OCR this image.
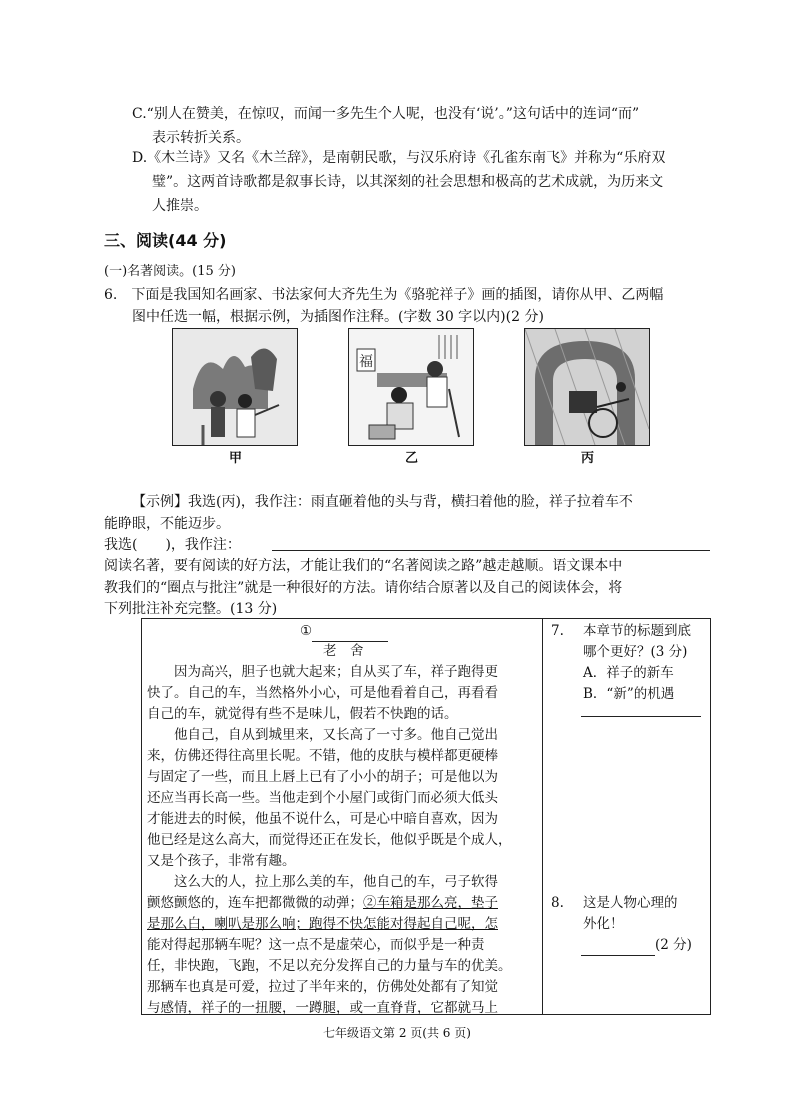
C.“别人在赞美，在惊叹，而闻一多先生个人呢，也没有‘说’。”这句话中的连词“而”
表示转折关系。
D.《木兰诗》又名《木兰辞》，是南朝民歌，与汉乐府诗《孔雀东南飞》并称为“乐府双
璧”。这两首诗歌都是叙事长诗，以其深刻的社会思想和极高的艺术成就，为历来文
人推崇。
三、阅读(44 分)
(一)名著阅读。(15 分)
6.　下面是我国知名画家、书法家何大齐先生为《骆驼祥子》画的插图，请你从甲、乙两幅
图中任选一幅，根据示例，为插图作注释。(字数 30 字以内)(2 分)
甲
福
乙	丙
【示例】我选(丙)，我作注：雨直砸着他的头与背，横扫着他的脸，祥子拉着车不
能睁眼，不能迈步。
我选(　　)，我作注：
阅读名著，要有阅读的好方法，才能让我们的“名著阅读之路”越走越顺。语文课本中
教我们的“圈点与批注”就是一种很好的方法。请你结合原著以及自己的阅读体会，将
下列批注补充完整。(13 分)
①
老　舍
　　因为高兴，胆子也就大起来；自从买了车，祥子跑得更
快了。自己的车，当然格外小心，可是他看着自己，再看看
自己的车，就觉得有些不是味儿，假若不快跑的话。
　　他自己，自从到城里来，又长高了一寸多。他自己觉出
来，仿佛还得往高里长呢。不错，他的皮肤与模样都更硬棒
与固定了一些，而且上唇上已有了小小的胡子；可是他以为
还应当再长高一些。当他走到个小屋门或街门而必须大低头
才能进去的时候，他虽不说什么，可是心中暗自喜欢，因为
他已经是这么高大，而觉得还正在发长，他似乎既是个成人，
又是个孩子，非常有趣。
　　这么大的人，拉上那么美的车，他自己的车，弓子软得
颤悠颤悠的，连车把都微微的动弹；②车箱是那么亮，垫子
是那么白，喇叭是那么响；跑得不快怎能对得起自己呢，怎
能对得起那辆车呢？这一点不是虚荣心，而似乎是一种责
任，非快跑，飞跑，不足以充分发挥自己的力量与车的优美。
那辆车也真是可爱，拉过了半年来的，仿佛处处都有了知觉
与感情，祥子的一扭腰，一蹲腿，或一直脊背，它都就马上
7. 本章节的标题到底
哪个更好？(3 分)
A．祥子的新车
B．“新”的机遇
8. 这是人物心理的
外化！
(2 分)
七年级语文第 2 页(共 6 页)
